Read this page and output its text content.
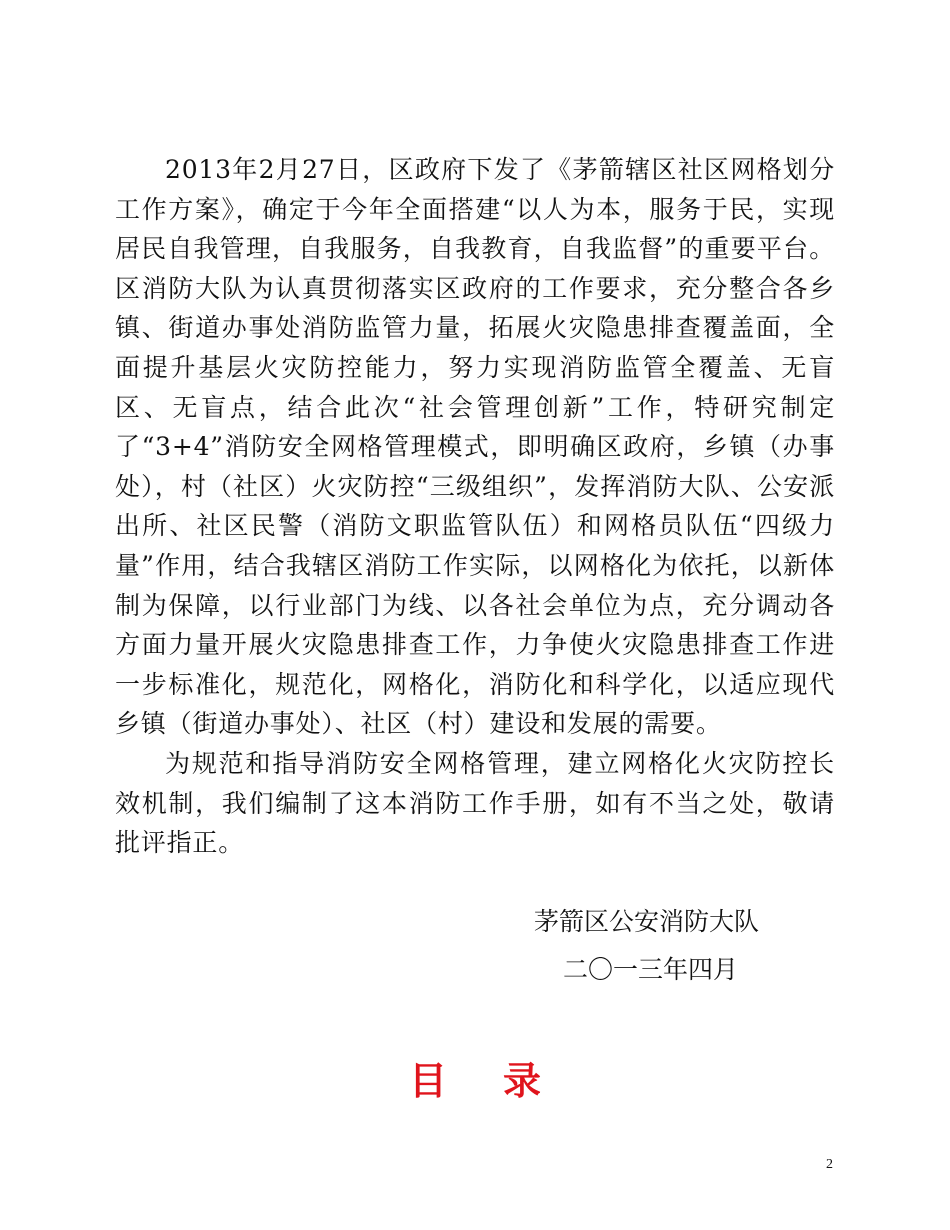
2013年2月27日，区政府下发了《茅箭辖区社区网格划分工作方案》，确定于今年全面搭建“以人为本，服务于民，实现居民自我管理，自我服务，自我教育，自我监督”的重要平台。区消防大队为认真贯彻落实区政府的工作要求，充分整合各乡镇、街道办事处消防监管力量，拓展火灾隐患排查覆盖面，全面提升基层火灾防控能力，努力实现消防监管全覆盖、无盲区、无盲点，结合此次“社会管理创新”工作，特研究制定了“3+4”消防安全网格管理模式，即明确区政府，乡镇（办事处），村（社区）火灾防控“三级组织”，发挥消防大队、公安派出所、社区民警（消防文职监管队伍）和网格员队伍“四级力量”作用，结合我辖区消防工作实际，以网格化为依托，以新体制为保障，以行业部门为线、以各社会单位为点，充分调动各方面力量开展火灾隐患排查工作，力争使火灾隐患排查工作进一步标准化，规范化，网格化，消防化和科学化，以适应现代乡镇（街道办事处）、社区（村）建设和发展的需要。

为规范和指导消防安全网格管理，建立网格化火灾防控长效机制，我们编制了这本消防工作手册，如有不当之处，敬请批评指正。

茅箭区公安消防大队
二〇一三年四月
目录
2
